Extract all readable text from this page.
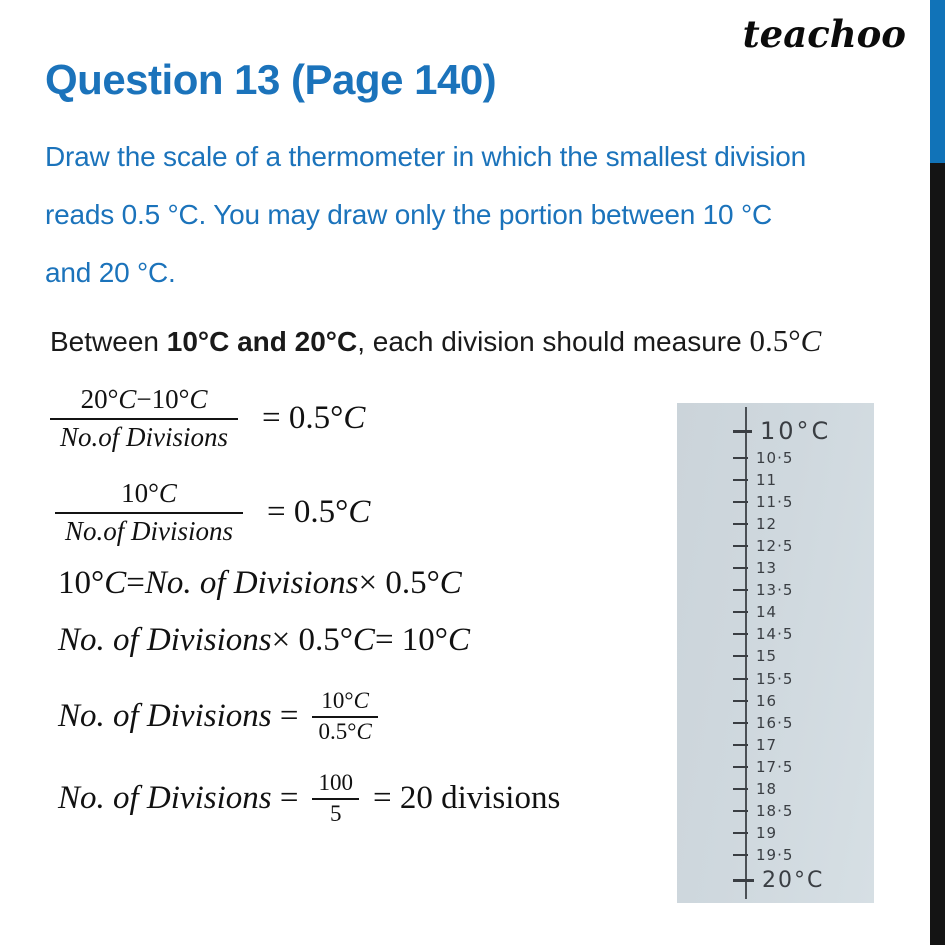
teachoo
Question 13 (Page 140)
Draw the scale of a thermometer in which the smallest division
reads 0.5 °C. You may draw only the portion between 10 °C
and 20 °C.
Between 10°C and 20°C, each division should measure 0.5°C
$\frac{20^\circ C-10^\circ C}{\text{No.of Divisions}} = 0.5^\circ C$
$\frac{10^\circ C}{\text{No.of Divisions}} = 0.5^\circ C$
10° C = No. of Divisions × 0.5° C
No. of Divisions × 0.5° C = 10° C
No. of Divisions = $\frac{10^\circ C}{0.5^\circ C}$
No. of Divisions = $\frac{100}{5} = 20$ divisions
10°C
10·5
11
11·5
12
12·5
13
13·5
14
14·5
15
15·5
16
16·5
17
17·5
18
18·5
19
19·5
20°C
